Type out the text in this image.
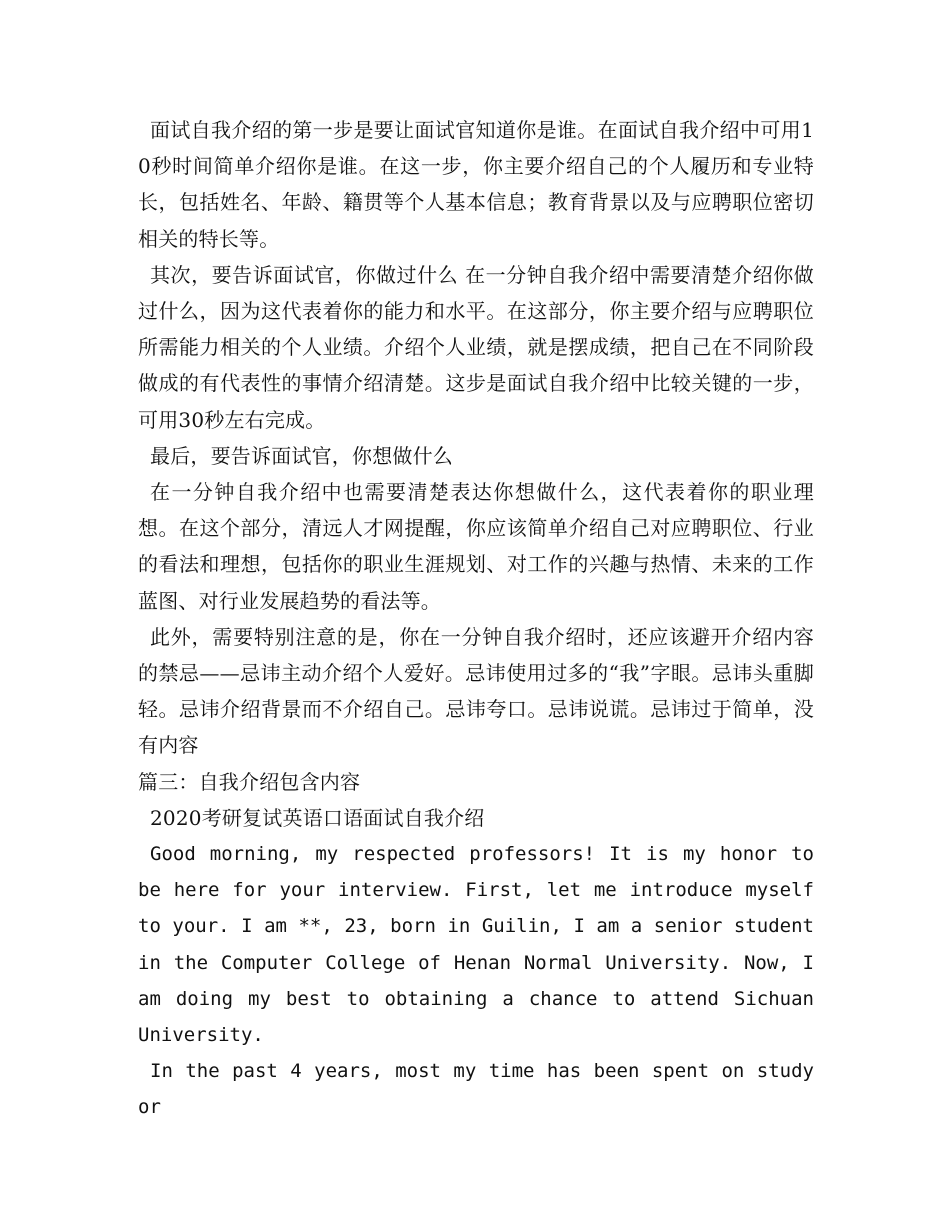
面试自我介绍的第一步是要让面试官知道你是谁。在面试自我介绍中可用10秒时间简单介绍你是谁。在这一步，你主要介绍自己的个人履历和专业特长，包括姓名、年龄、籍贯等个人基本信息；教育背景以及与应聘职位密切相关的特长等。

其次，要告诉面试官，你做过什么 在一分钟自我介绍中需要清楚介绍你做过什么，因为这代表着你的能力和水平。在这部分，你主要介绍与应聘职位所需能力相关的个人业绩。介绍个人业绩，就是摆成绩，把自己在不同阶段做成的有代表性的事情介绍清楚。这步是面试自我介绍中比较关键的一步，可用30秒左右完成。

最后，要告诉面试官，你想做什么

在一分钟自我介绍中也需要清楚表达你想做什么，这代表着你的职业理想。在这个部分，清远人才网提醒，你应该简单介绍自己对应聘职位、行业的看法和理想，包括你的职业生涯规划、对工作的兴趣与热情、未来的工作蓝图、对行业发展趋势的看法等。

此外，需要特别注意的是，你在一分钟自我介绍时，还应该避开介绍内容的禁忌——忌讳主动介绍个人爱好。忌讳使用过多的“我”字眼。忌讳头重脚轻。忌讳介绍背景而不介绍自己。忌讳夸口。忌讳说谎。忌讳过于简单，没有内容

篇三：自我介绍包含内容

2020考研复试英语口语面试自我介绍

Good morning, my respected professors! It is my honor to be here for your interview. First, let me introduce myself to your. I am **, 23, born in Guilin, I am a senior student in the Computer College of Henan Normal University. Now, I am doing my best to obtaining a chance to attend Sichuan University.

In the past 4 years, most my time has been spent on study or
